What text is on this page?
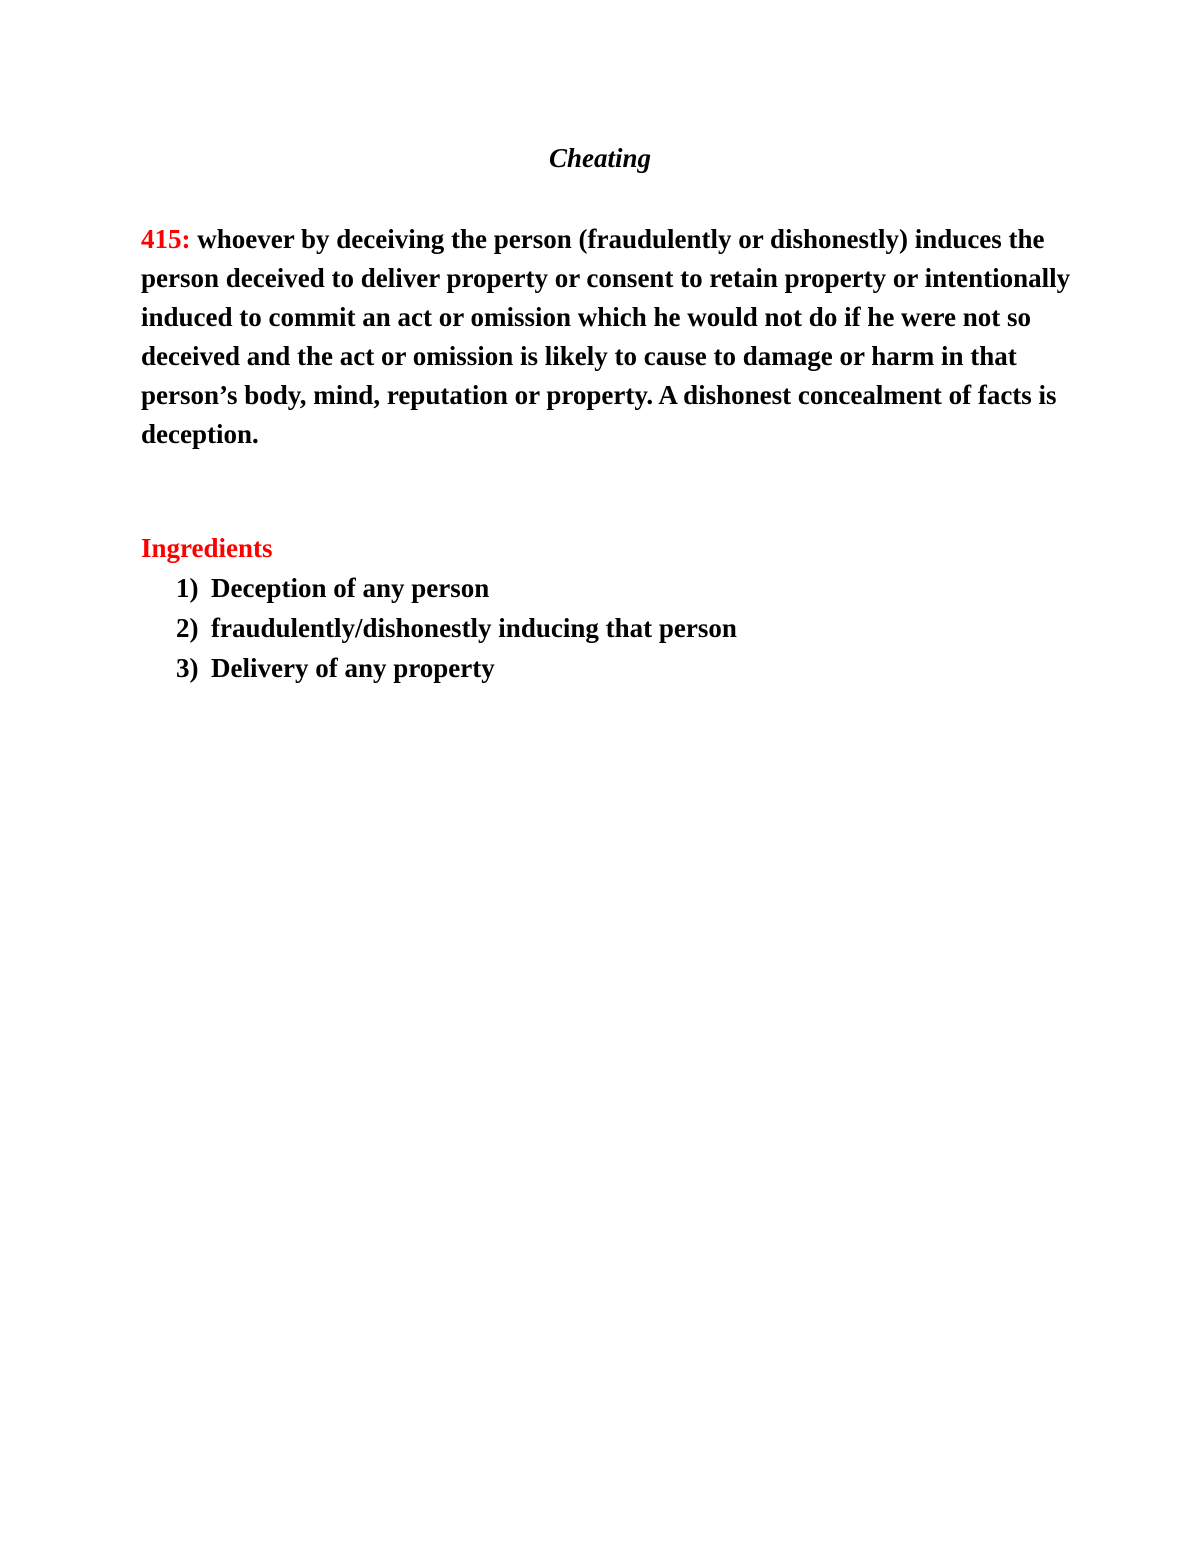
Cheating

415: whoever by deceiving the person (fraudulently or dishonestly) induces the person deceived to deliver property or consent to retain property or intentionally induced to commit an act or omission which he would not do if he were not so deceived and the act or omission is likely to cause to damage or harm in that person’s body, mind, reputation or property. A dishonest concealment of facts is deception.

Ingredients
1) Deception of any person
2) fraudulently/dishonestly inducing that person
3) Delivery of any property
